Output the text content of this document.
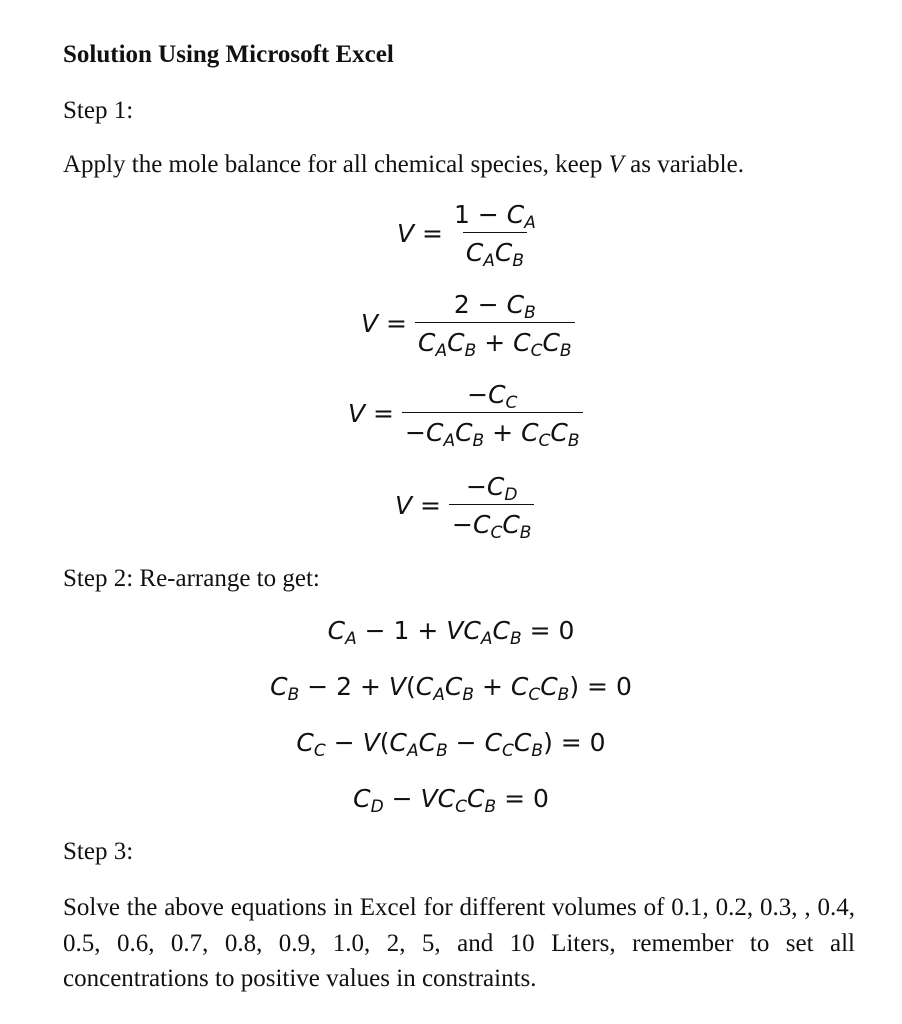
Solution Using Microsoft Excel
Step 1:
Apply the mole balance for all chemical species, keep V as variable.
$V = \frac{1 - C_A}{C_AC_B}$
$V = \frac{2 - C_B}{C_AC_B + C_CC_B}$
$V = \frac{-C_C}{-C_AC_B + C_CC_B}$
$V = \frac{-C_D}{-C_CC_B}$
Step 2: Re-arrange to get:
$C_A - 1 + VC_AC_B = 0$
$C_B - 2 + V(C_AC_B + C_CC_B) = 0$
$C_C - V(C_AC_B - C_CC_B) = 0$
$C_D - VC_CC_B = 0$
Step 3:
Solve the above equations in Excel for different volumes of 0.1, 0.2, 0.3, , 0.4, 0.5, 0.6, 0.7, 0.8, 0.9, 1.0, 2, 5, and 10 Liters, remember to set all concentrations to positive values in constraints.
